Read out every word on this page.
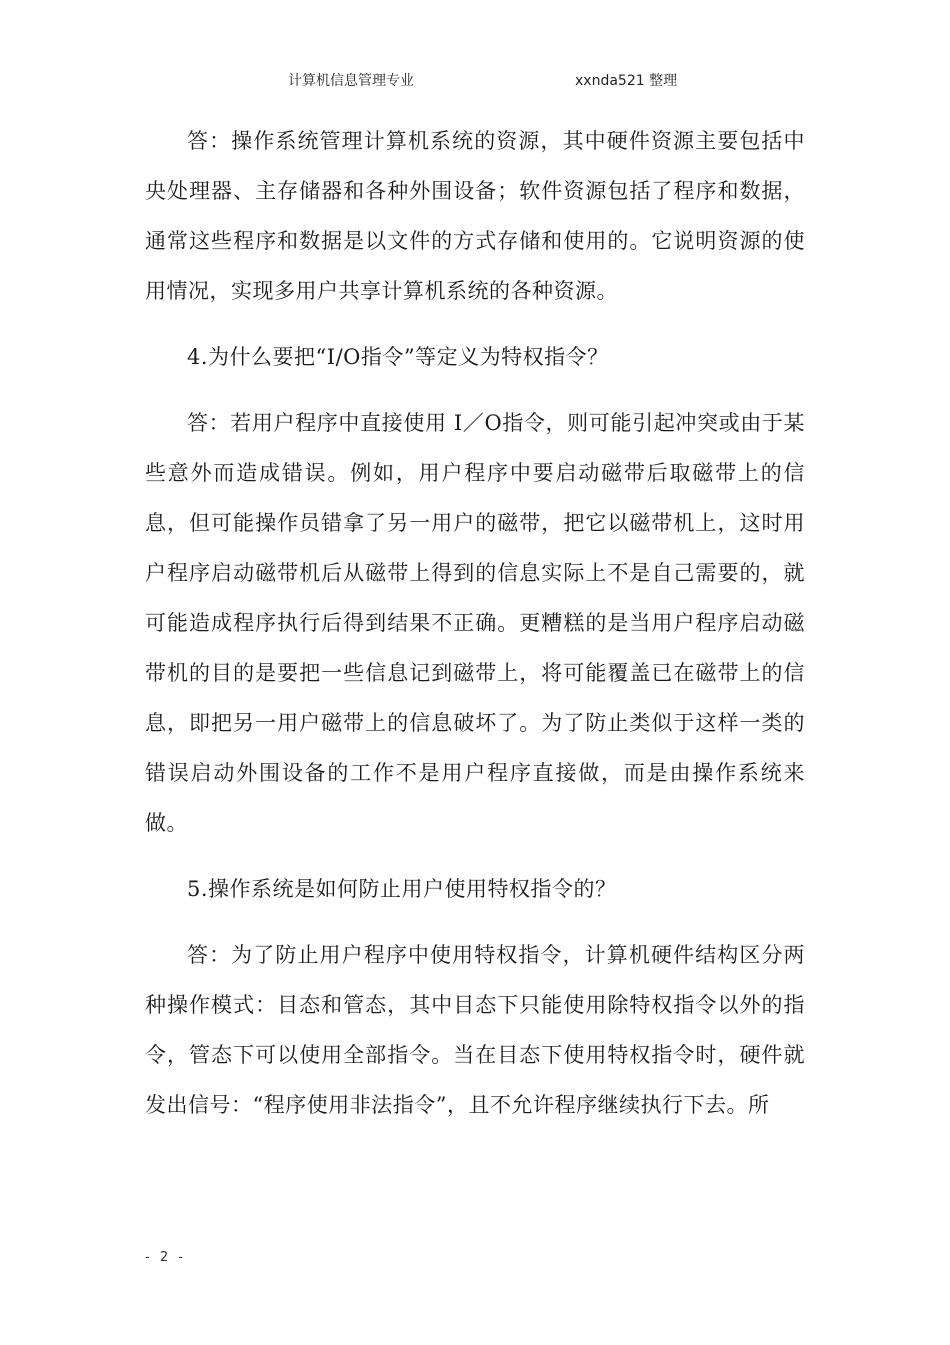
计算机信息管理专业	xxnda521 整理

答：操作系统管理计算机系统的资源，其中硬件资源主要包括中央处理器、主存储器和各种外围设备；软件资源包括了程序和数据，通常这些程序和数据是以文件的方式存储和使用的。它说明资源的使用情况，实现多用户共享计算机系统的各种资源。

4.为什么要把“I/O指令”等定义为特权指令？

答：若用户程序中直接使用 I／O指令，则可能引起冲突或由于某些意外而造成错误。例如，用户程序中要启动磁带后取磁带上的信息，但可能操作员错拿了另一用户的磁带，把它以磁带机上，这时用户程序启动磁带机后从磁带上得到的信息实际上不是自己需要的，就可能造成程序执行后得到结果不正确。更糟糕的是当用户程序启动磁带机的目的是要把一些信息记到磁带上，将可能覆盖已在磁带上的信息，即把另一用户磁带上的信息破坏了。为了防止类似于这样一类的错误启动外围设备的工作不是用户程序直接做，而是由操作系统来做。

5.操作系统是如何防止用户使用特权指令的？

答：为了防止用户程序中使用特权指令，计算机硬件结构区分两种操作模式：目态和管态，其中目态下只能使用除特权指令以外的指令，管态下可以使用全部指令。当在目态下使用特权指令时，硬件就发出信号：“程序使用非法指令”，且不允许程序继续执行下去。所

- 2 -
